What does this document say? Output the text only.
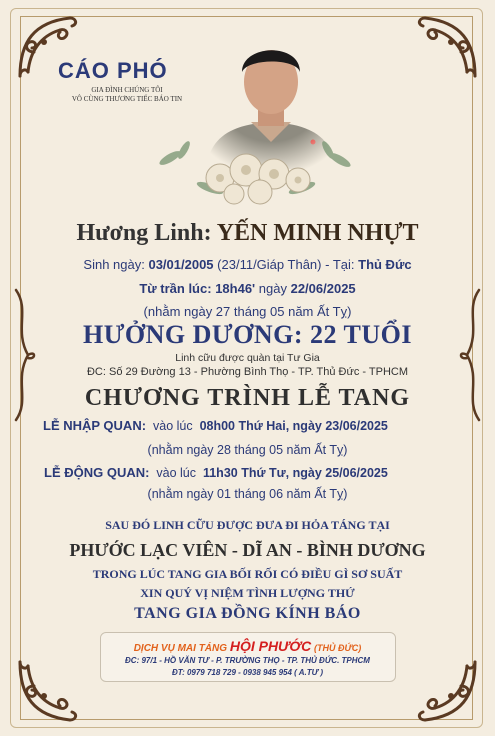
CÁO PHÓ
GIA ĐÌNH CHÚNG TÔI
VÔ CÙNG THƯƠNG TIẾC BÁO TIN
Hương Linh: YẾN MINH NHỰT
Sinh ngày: 03/01/2005 (23/11/Giáp Thân) - Tại: Thủ Đức
Từ trần lúc: 18h46' ngày 22/06/2025
(nhằm ngày 27 tháng 05 năm Ất Tỵ)
HƯỞNG DƯƠNG: 22 TUỔI
Linh cữu được quàn tại Tư Gia
ĐC: Số 29 Đường 13 - Phường Bình Thọ - TP. Thủ Đức - TPHCM
CHƯƠNG TRÌNH LỄ TANG
LỄ NHẬP QUAN: vào lúc 08h00 Thứ Hai, ngày 23/06/2025
(nhằm ngày 28 tháng 05 năm Ất Tỵ)
LỄ ĐỘNG QUAN: vào lúc 11h30 Thứ Tư, ngày 25/06/2025
(nhằm ngày 01 tháng 06 năm Ất Tỵ)
SAU ĐÓ LINH CỮU ĐƯỢC ĐƯA ĐI HỎA TÁNG TẠI
PHƯỚC LẠC VIÊN - DĨ AN - BÌNH DƯƠNG
TRONG LÚC TANG GIA BỐI RỐI CÓ ĐIỀU GÌ SƠ SUẤT
XIN QUÝ VỊ NIỆM TÌNH LƯỢNG THỨ
TANG GIA ĐỒNG KÍNH BÁO
DỊCH VỤ MAI TÁNG HỘI PHƯỚC (THỦ ĐỨC)
ĐC: 97/1 - HỒ VĂN TƯ - P. TRƯỜNG THỌ - TP. THỦ ĐỨC. TPHCM
ĐT: 0979 718 729 - 0938 945 954 ( A.TƯ )
